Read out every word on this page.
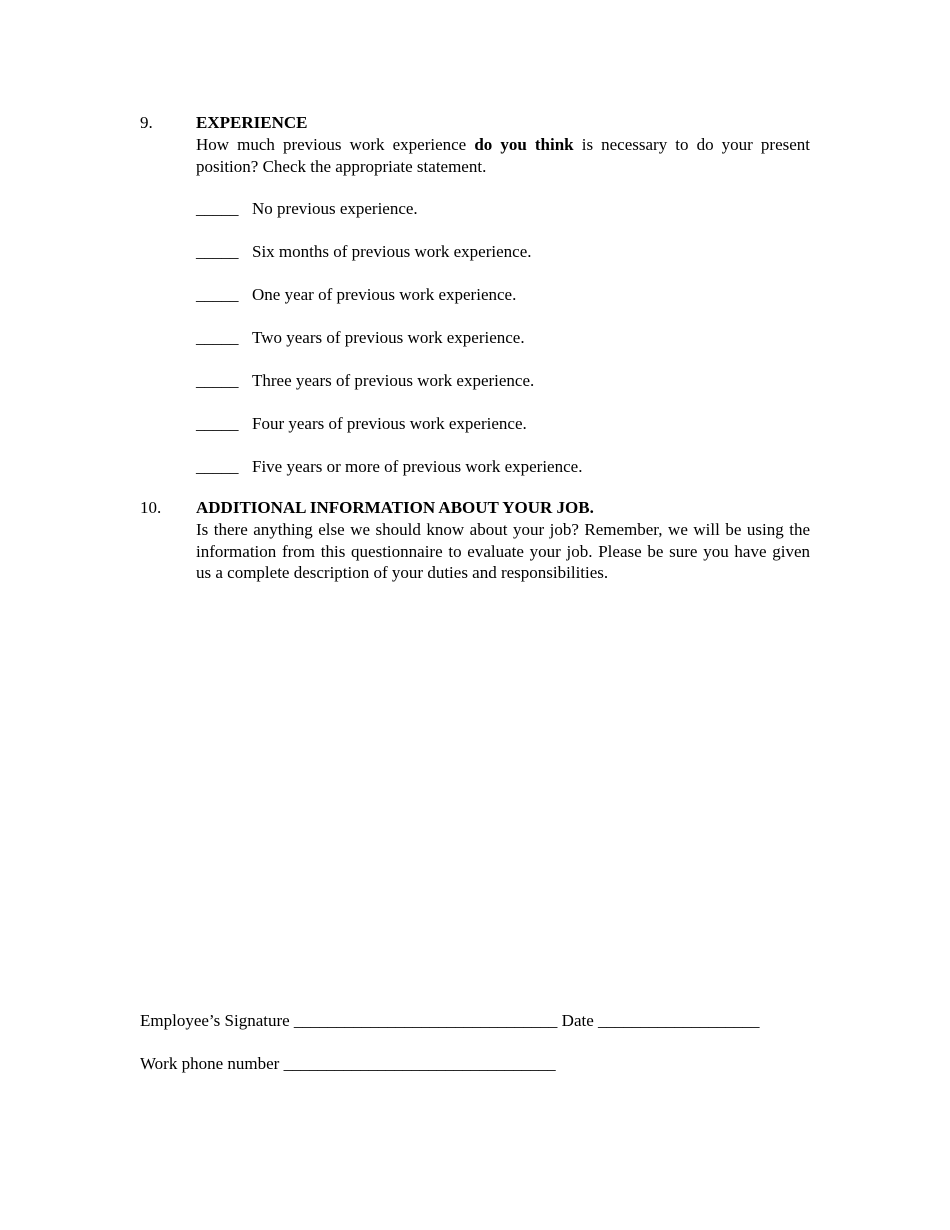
9.	EXPERIENCE

How much previous work experience do you think is necessary to do your present position? Check the appropriate statement.

_____ No previous experience.
_____ Six months of previous work experience.
_____ One year of previous work experience.
_____ Two years of previous work experience.
_____ Three years of previous work experience.
_____ Four years of previous work experience.
_____ Five years or more of previous work experience.
10. ADDITIONAL INFORMATION ABOUT YOUR JOB.

Is there anything else we should know about your job? Remember, we will be using the information from this questionnaire to evaluate your job. Please be sure you have given us a complete description of your duties and responsibilities.

Employee’s Signature _______________________________ Date ___________________
Work phone number ________________________________
